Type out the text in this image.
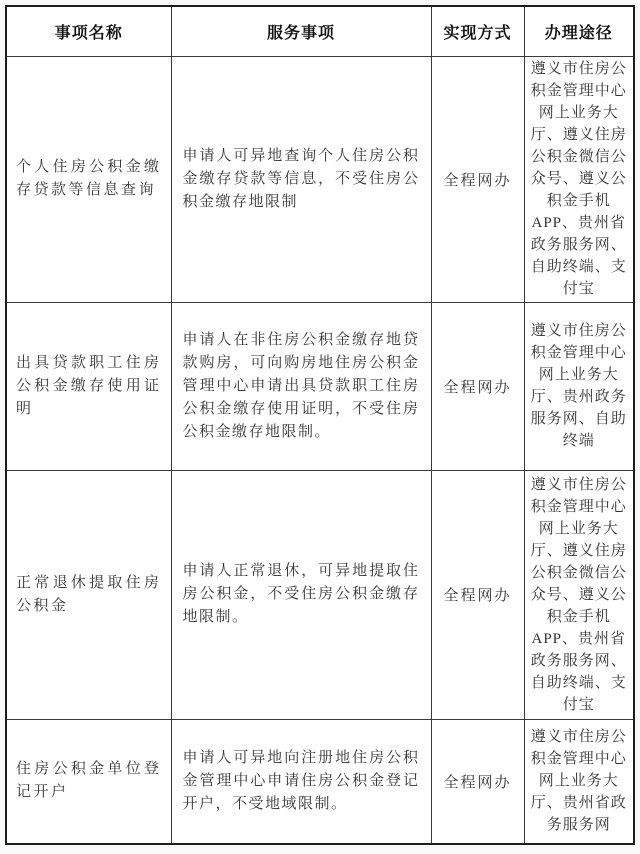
事项名称	服务事项	实现方式	办理途径
个人住房公积金缴存贷款等信息查询	申请人可异地查询个人住房公积金缴存贷款等信息，不受住房公积金缴存地限制	全程网办	遵义市住房公积金管理中心网上业务大厅、遵义住房公积金微信公众号、遵义公积金手机 APP、贵州省政务服务网、自助终端、支付宝
出具贷款职工住房公积金缴存使用证明	申请人在非住房公积金缴存地贷款购房，可向购房地住房公积金管理中心申请出具贷款职工住房公积金缴存使用证明，不受住房公积金缴存地限制。	全程网办	遵义市住房公积金管理中心网上业务大厅、贵州政务服务网、自助终端
正常退休提取住房公积金	申请人正常退休，可异地提取住房公积金，不受住房公积金缴存地限制。	全程网办	遵义市住房公积金管理中心网上业务大厅、遵义住房公积金微信公众号、遵义公积金手机 APP、贵州省政务服务网、自助终端、支付宝
住房公积金单位登记开户	申请人可异地向注册地住房公积金管理中心申请住房公积金登记开户，不受地域限制。	全程网办	遵义市住房公积金管理中心网上业务大厅、贵州省政务服务网
